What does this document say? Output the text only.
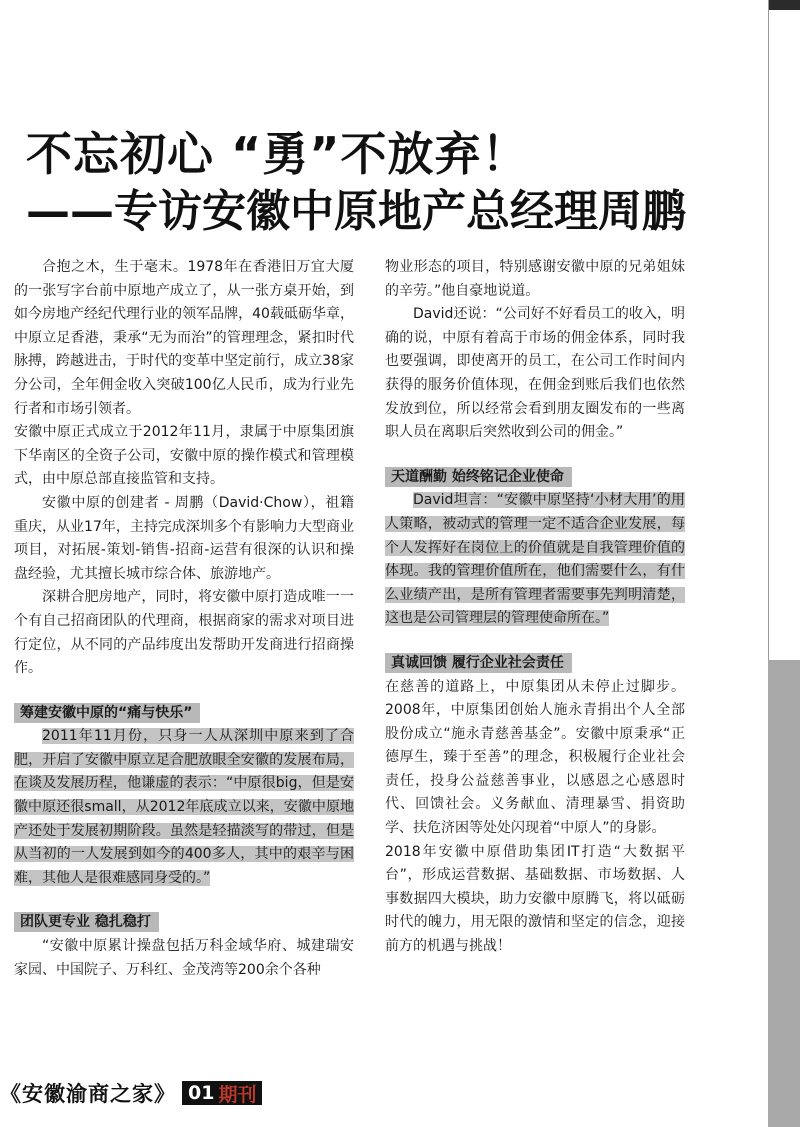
不忘初心 “勇”不放弃！
——专访安徽中原地产总经理周鹏

合抱之木，生于毫末。1978年在香港旧万宜大厦的一张写字台前中原地产成立了，从一张方桌开始，到如今房地产经纪代理行业的领军品牌，40载砥砺华章，中原立足香港，秉承“无为而治”的管理理念，紧扣时代脉搏，跨越进击，于时代的变革中坚定前行，成立38家分公司，全年佣金收入突破100亿人民币，成为行业先行者和市场引领者。

安徽中原正式成立于2012年11月，隶属于中原集团旗下华南区的全资子公司，安徽中原的操作模式和管理模式，由中原总部直接监管和支持。

安徽中原的创建者 - 周鹏（David·Chow），祖籍重庆，从业17年，主持完成深圳多个有影响力大型商业项目，对拓展-策划-销售-招商-运营有很深的认识和操盘经验，尤其擅长城市综合体、旅游地产。

深耕合肥房地产，同时，将安徽中原打造成唯一一个有自己招商团队的代理商，根据商家的需求对项目进行定位，从不同的产品纬度出发帮助开发商进行招商操作。

筹建安徽中原的“痛与快乐”

2011年11月份，只身一人从深圳中原来到了合肥，开启了安徽中原立足合肥放眼全安徽的发展布局，在谈及发展历程，他谦虚的表示：“中原很big，但是安徽中原还很small，从2012年底成立以来，安徽中原地产还处于发展初期阶段。虽然是轻描淡写的带过，但是从当初的一人发展到如今的400多人，其中的艰辛与困难，其他人是很难感同身受的。”

团队更专业 稳扎稳打

“安徽中原累计操盘包括万科金域华府、城建瑞安家园、中国院子、万科红、金茂湾等200余个各种

物业形态的项目，特别感谢安徽中原的兄弟姐妹的辛劳。”他自豪地说道。

David还说：“公司好不好看员工的收入，明确的说，中原有着高于市场的佣金体系，同时我也要强调，即使离开的员工，在公司工作时间内获得的服务价值体现，在佣金到账后我们也依然发放到位，所以经常会看到朋友圈发布的一些离职人员在离职后突然收到公司的佣金。”

天道酬勤 始终铭记企业使命

David坦言：“安徽中原坚持‘小材大用’的用人策略，被动式的管理一定不适合企业发展，每个人发挥好在岗位上的价值就是自我管理价值的体现。我的管理价值所在，他们需要什么，有什么业绩产出，是所有管理者需要事先判明清楚，这也是公司管理层的管理使命所在。”

真诚回馈 履行企业社会责任

在慈善的道路上，中原集团从未停止过脚步。2008年，中原集团创始人施永青捐出个人全部股份成立“施永青慈善基金”。安徽中原秉承“正德厚生，臻于至善”的理念，积极履行企业社会责任，投身公益慈善事业，以感恩之心感恩时代、回馈社会。义务献血、清理暴雪、捐资助学、扶危济困等处处闪现着“中原人”的身影。

2018年安徽中原借助集团IT打造“大数据平台”，形成运营数据、基础数据、市场数据、人事数据四大模块，助力安徽中原腾飞，将以砥砺时代的魄力，用无限的激情和坚定的信念，迎接前方的机遇与挑战！

《安徽渝商之家》 01 期刊
